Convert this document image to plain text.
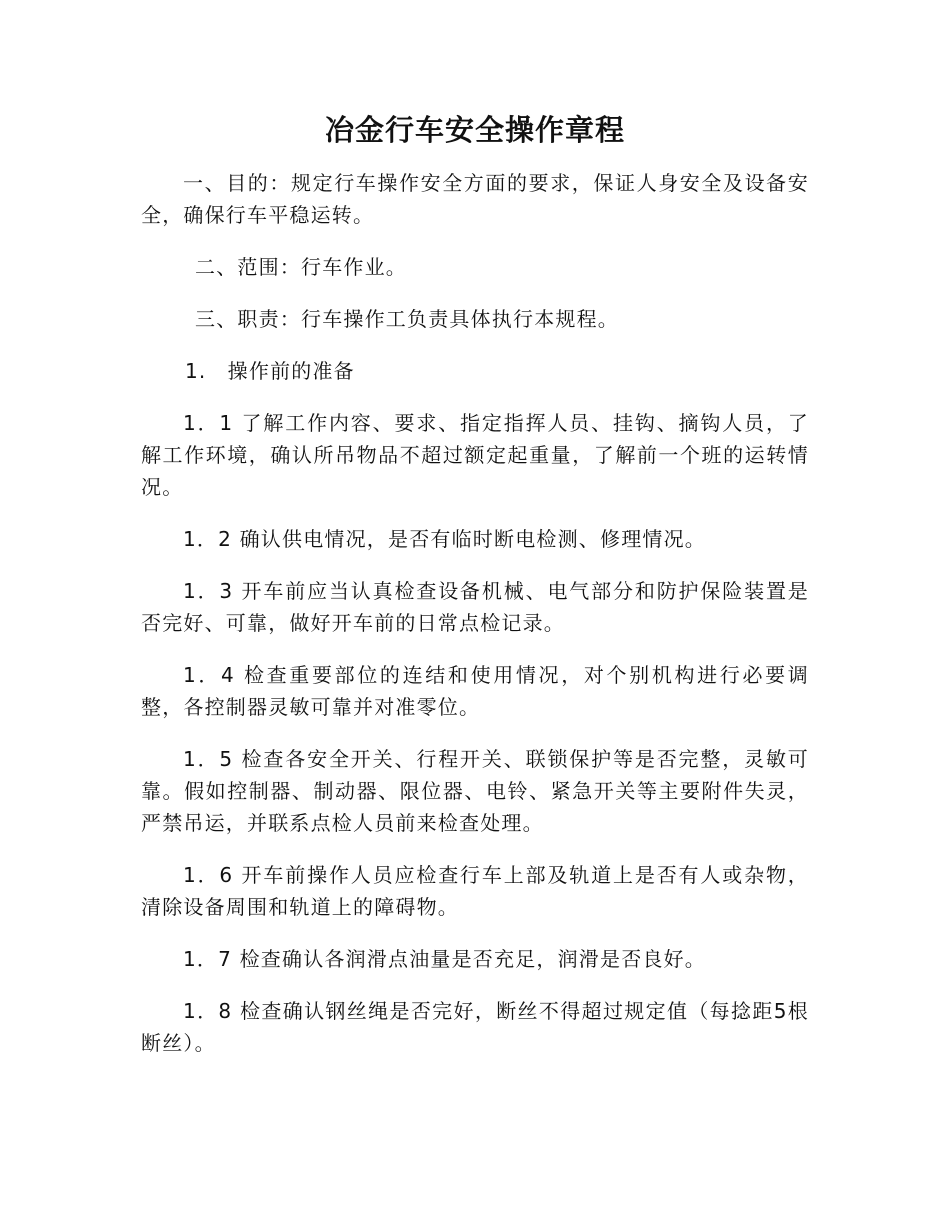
冶金行车安全操作章程

一、目的：规定行车操作安全方面的要求，保证人身安全及设备安全，确保行车平稳运转。

二、范围：行车作业。

三、职责：行车操作工负责具体执行本规程。

1.　操作前的准备

1．1 了解工作内容、要求、指定指挥人员、挂钩、摘钩人员，了解工作环境，确认所吊物品不超过额定起重量，了解前一个班的运转情况。

1．2 确认供电情况，是否有临时断电检测、修理情况。

1．3 开车前应当认真检查设备机械、电气部分和防护保险装置是否完好、可靠，做好开车前的日常点检记录。

1．4 检查重要部位的连结和使用情况，对个别机构进行必要调整，各控制器灵敏可靠并对准零位。

1．5 检查各安全开关、行程开关、联锁保护等是否完整，灵敏可靠。假如控制器、制动器、限位器、电铃、紧急开关等主要附件失灵，严禁吊运，并联系点检人员前来检查处理。

1．6 开车前操作人员应检查行车上部及轨道上是否有人或杂物，清除设备周围和轨道上的障碍物。

1．7 检查确认各润滑点油量是否充足，润滑是否良好。

1．8 检查确认钢丝绳是否完好，断丝不得超过规定值（每捻距5根断丝）。
